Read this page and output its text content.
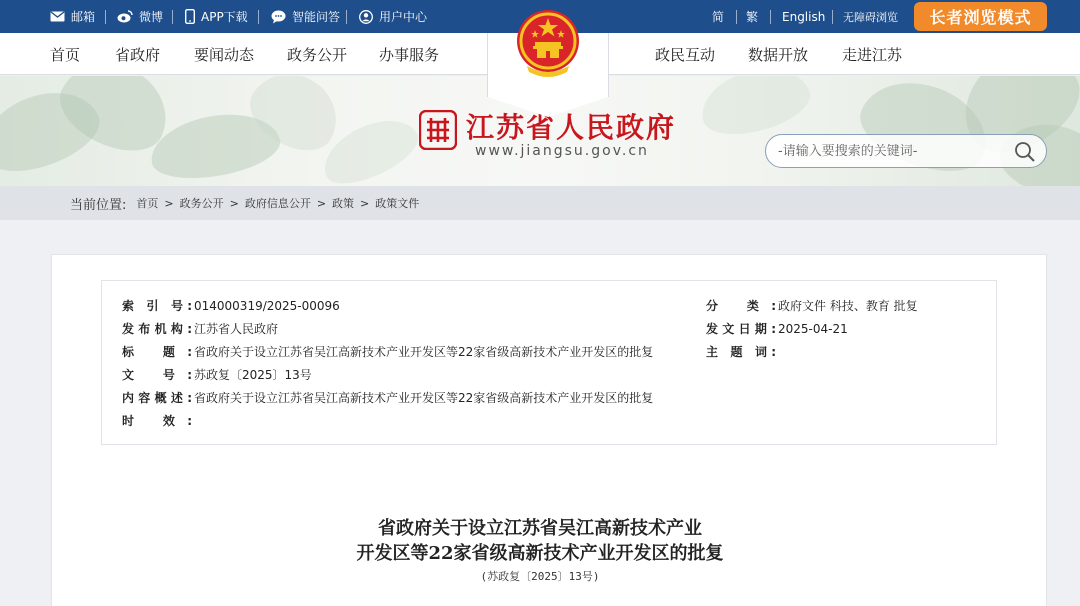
邮箱	微博	APP下载	智能问答	用户中心	简 繁 English 无障碍浏览 长者浏览模式
首页 省政府 要闻动态 政务公开 办事服务	政民互动 数据开放 走进江苏
江苏省人民政府
www.jiangsu.gov.cn
-请输入要搜索的关键词-
当前位置: 首页 > 政务公开 > 政府信息公开 > 政策 > 政策文件
索 引 号: 014000319/2025-00096	分 类: 政府文件 科技、教育 批复
发布机构: 江苏省人民政府	发文日期: 2025-04-21
标 题: 省政府关于设立江苏省吴江高新技术产业开发区等22家省级高新技术产业开发区的批复	主 题 词:
文 号: 苏政复〔2025〕13号
内容概述: 省政府关于设立江苏省吴江高新技术产业开发区等22家省级高新技术产业开发区的批复
时 效:
省政府关于设立江苏省吴江高新技术产业
开发区等22家省级高新技术产业开发区的批复
(苏政复〔2025〕13号)
